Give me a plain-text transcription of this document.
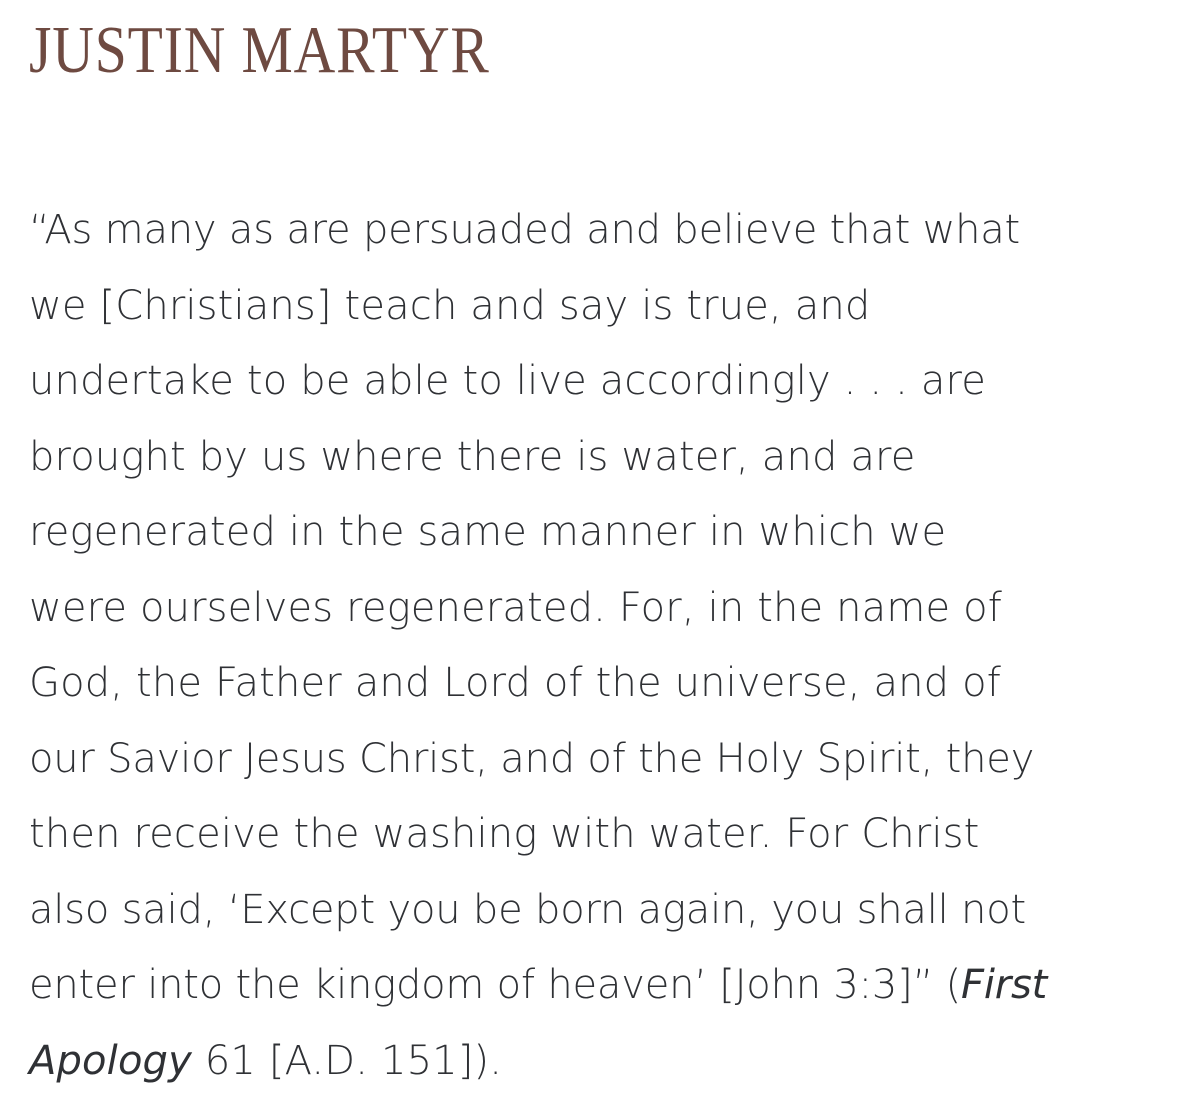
JUSTIN MARTYR

“As many as are persuaded and believe that what
we [Christians] teach and say is true, and
undertake to be able to live accordingly . . . are
brought by us where there is water, and are
regenerated in the same manner in which we
were ourselves regenerated. For, in the name of
God, the Father and Lord of the universe, and of
our Savior Jesus Christ, and of the Holy Spirit, they
then receive the washing with water. For Christ
also said, ‘Except you be born again, you shall not
enter into the kingdom of heaven’ [John 3:3]” (First
Apology 61 [A.D. 151]).
